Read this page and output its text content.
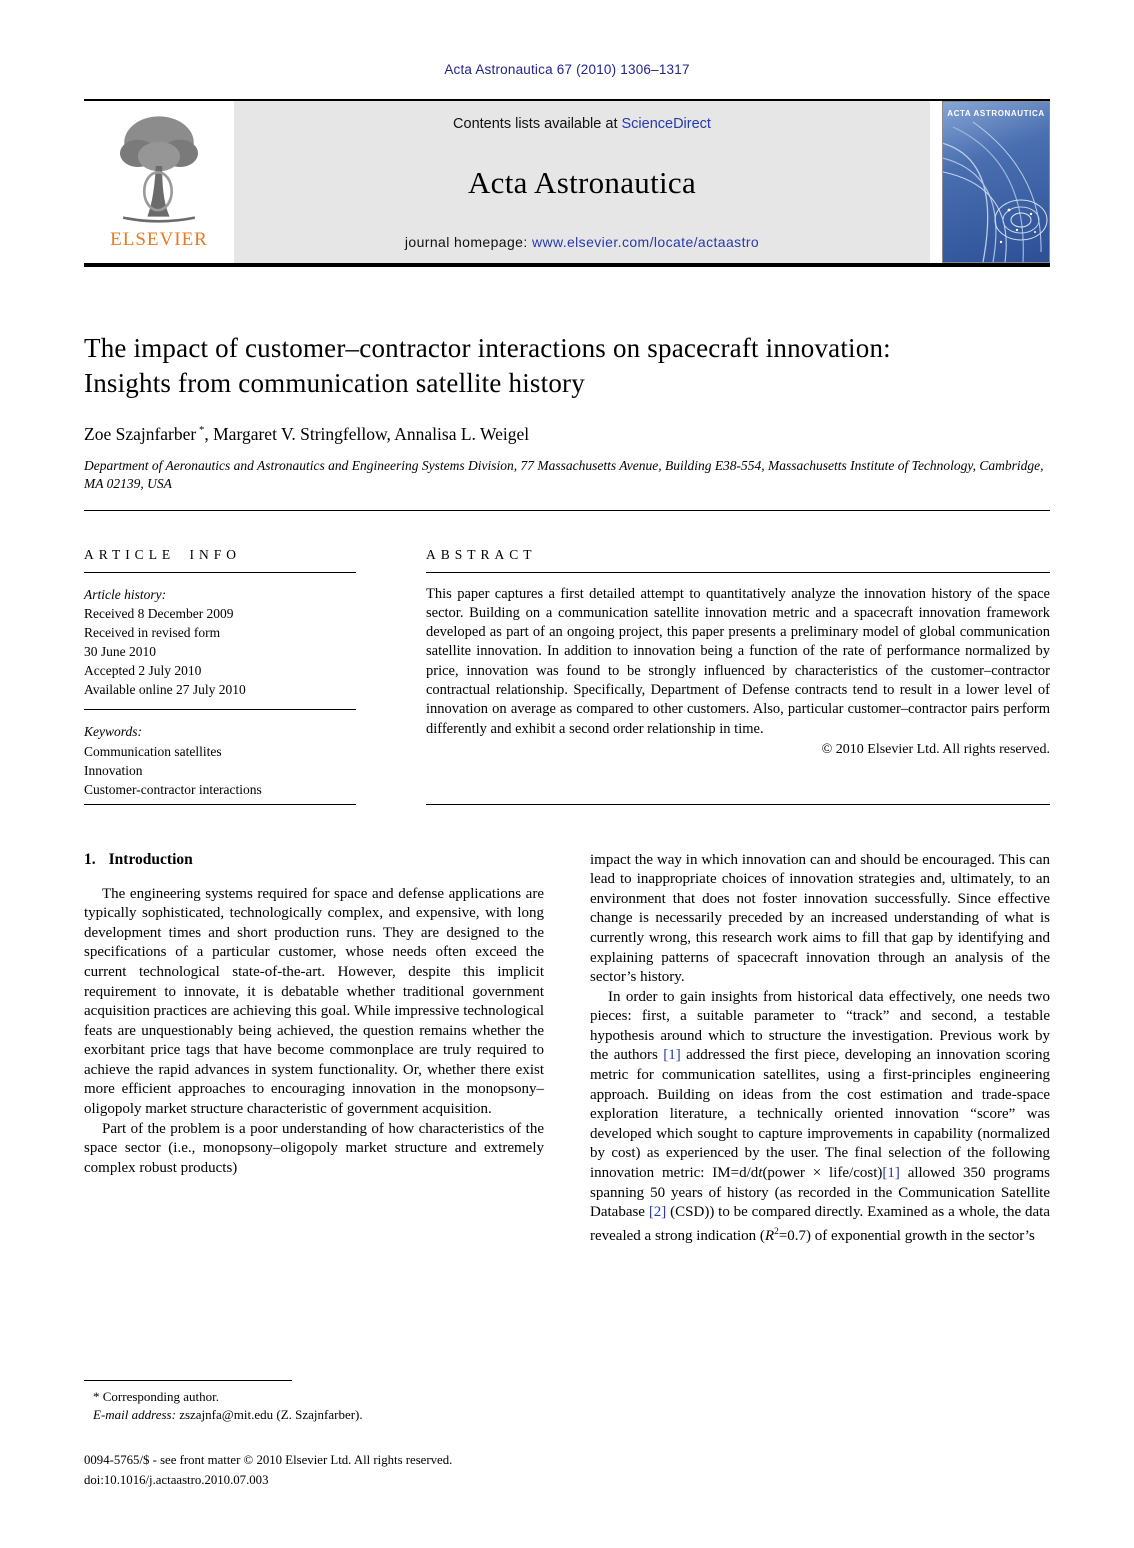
Acta Astronautica 67 (2010) 1306–1317
ELSEVIER
Contents lists available at ScienceDirect
Acta Astronautica
journal homepage: www.elsevier.com/locate/actaastro
ACTA ASTRONAUTICA
The impact of customer–contractor interactions on spacecraft innovation: Insights from communication satellite history
Zoe Szajnfarber *, Margaret V. Stringfellow, Annalisa L. Weigel
Department of Aeronautics and Astronautics and Engineering Systems Division, 77 Massachusetts Avenue, Building E38-554, Massachusetts Institute of Technology, Cambridge, MA 02139, USA
ARTICLE INFO
Article history:
Received 8 December 2009
Received in revised form
30 June 2010
Accepted 2 July 2010
Available online 27 July 2010
Keywords:
Communication satellites
Innovation
Customer-contractor interactions
ABSTRACT

This paper captures a first detailed attempt to quantitatively analyze the innovation history of the space sector. Building on a communication satellite innovation metric and a spacecraft innovation framework developed as part of an ongoing project, this paper presents a preliminary model of global communication satellite innovation. In addition to innovation being a function of the rate of performance normalized by price, innovation was found to be strongly influenced by characteristics of the customer–contractor contractual relationship. Specifically, Department of Defense contracts tend to result in a lower level of innovation on average as compared to other customers. Also, particular customer–contractor pairs perform differently and exhibit a second order relationship in time.

© 2010 Elsevier Ltd. All rights reserved.
1. Introduction

The engineering systems required for space and defense applications are typically sophisticated, technologically complex, and expensive, with long development times and short production runs. They are designed to the specifications of a particular customer, whose needs often exceed the current technological state-of-the-art. However, despite this implicit requirement to innovate, it is debatable whether traditional government acquisition practices are achieving this goal. While impressive technological feats are unquestionably being achieved, the question remains whether the exorbitant price tags that have become commonplace are truly required to achieve the rapid advances in system functionality. Or, whether there exist more efficient approaches to encouraging innovation in the monopsony–oligopoly market structure characteristic of government acquisition.

Part of the problem is a poor understanding of how characteristics of the space sector (i.e., monopsony–oligopoly market structure and extremely complex robust products)

* Corresponding author.
E-mail address: zszajnfa@mit.edu (Z. Szajnfarber).
0094-5765/$ - see front matter © 2010 Elsevier Ltd. All rights reserved.
doi:10.1016/j.actaastro.2010.07.003

impact the way in which innovation can and should be encouraged. This can lead to inappropriate choices of innovation strategies and, ultimately, to an environment that does not foster innovation successfully. Since effective change is necessarily preceded by an increased understanding of what is currently wrong, this research work aims to fill that gap by identifying and explaining patterns of spacecraft innovation through an analysis of the sector’s history.

In order to gain insights from historical data effectively, one needs two pieces: first, a suitable parameter to “track” and second, a testable hypothesis around which to structure the investigation. Previous work by the authors [1] addressed the first piece, developing an innovation scoring metric for communication satellites, using a first-principles engineering approach. Building on ideas from the cost estimation and trade-space exploration literature, a technically oriented innovation “score” was developed which sought to capture improvements in capability (normalized by cost) as experienced by the user. The final selection of the following innovation metric: IM=d/dt(power × life/cost)[1] allowed 350 programs spanning 50 years of history (as recorded in the Communication Satellite Database [2] (CSD)) to be compared directly. Examined as a whole, the data revealed a strong indication $(R^2=0.7)$ of exponential growth in the sector’s
